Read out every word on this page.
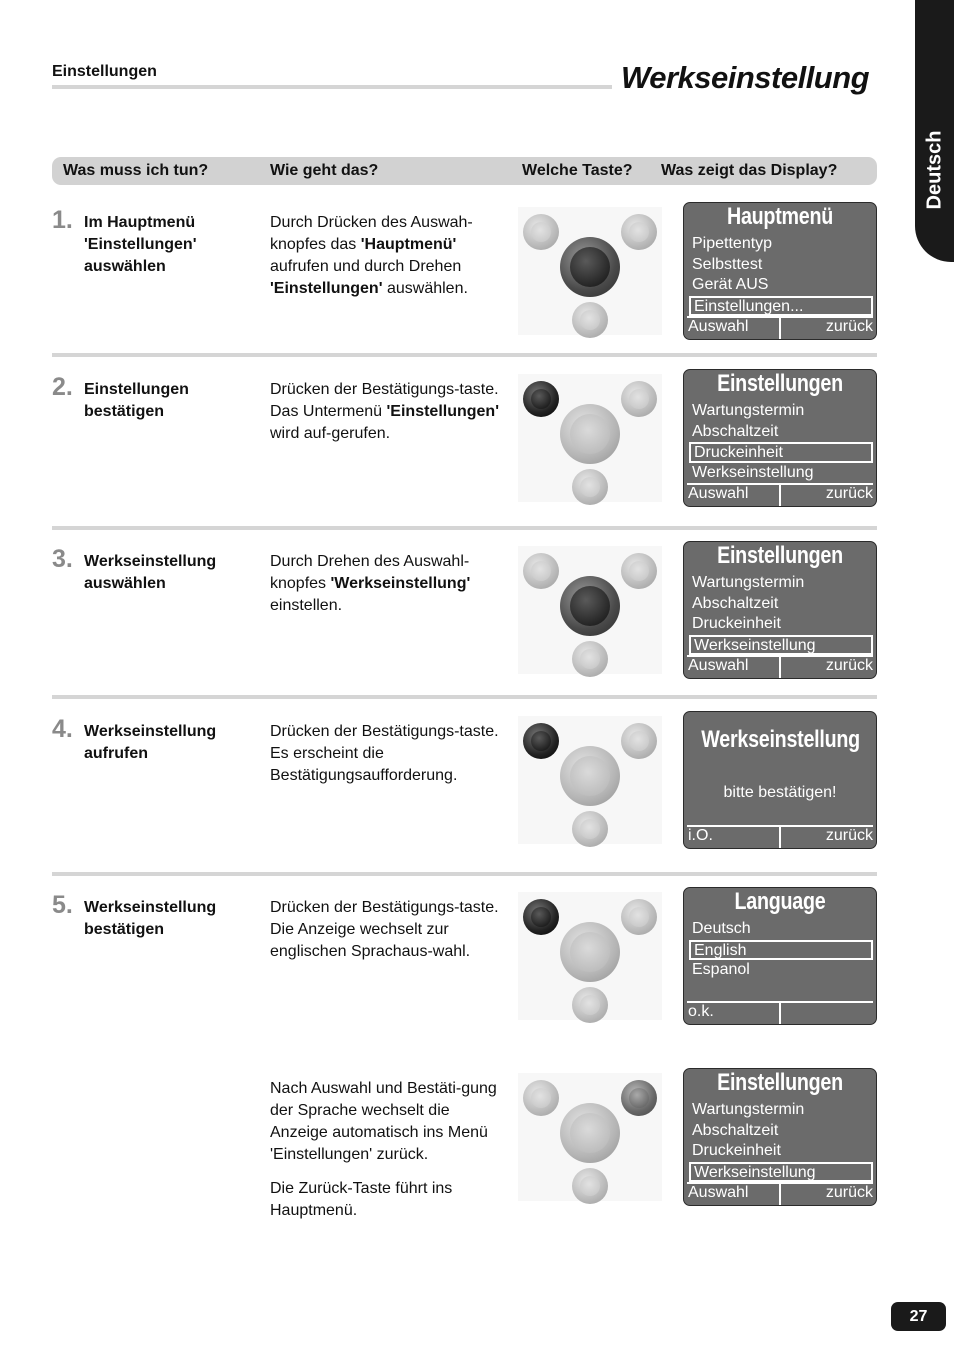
Einstellungen	Werkseinstellung
Deutsch
Was muss ich tun?	Wie geht das?	Welche Taste? Was zeigt das Display?
1. Im Hauptmenü 'Einstellungen' auswählen
Durch Drücken des Auswah-knopfes das 'Hauptmenü' aufrufen und durch Drehen 'Einstellungen' auswählen.
Hauptmenü
Pipettentyp
Selbsttest
Gerät AUS
Einstellungen...
Auswahl	zurück
2. Einstellungen bestätigen
Drücken der Bestätigungs-taste. Das Untermenü 'Einstellungen' wird auf-gerufen.
Einstellungen
Wartungstermin
Abschaltzeit
Druckeinheit
Werkseinstellung
Auswahl	zurück
3. Werkseinstellung auswählen
Durch Drehen des Auswahl-knopfes 'Werkseinstellung' einstellen.
Einstellungen
Wartungstermin
Abschaltzeit
Druckeinheit
Werkseinstellung
Auswahl	zurück
4. Werkseinstellung aufrufen
Drücken der Bestätigungs-taste. Es erscheint die Bestätigungsaufforderung.
Werkseinstellung
bitte bestätigen!
i.O.	zurück
5. Werkseinstellung bestätigen
Drücken der Bestätigungs-taste. Die Anzeige wechselt zur englischen Sprachaus-wahl.
Language
Deutsch
English
Espanol
o.k.

Nach Auswahl und Bestäti-gung der Sprache wechselt die Anzeige automatisch ins Menü 'Einstellungen' zurück.

Die Zurück-Taste führt ins Hauptmenü.

Einstellungen
Wartungstermin
Abschaltzeit
Druckeinheit
Werkseinstellung
Auswahl	zurück
27
